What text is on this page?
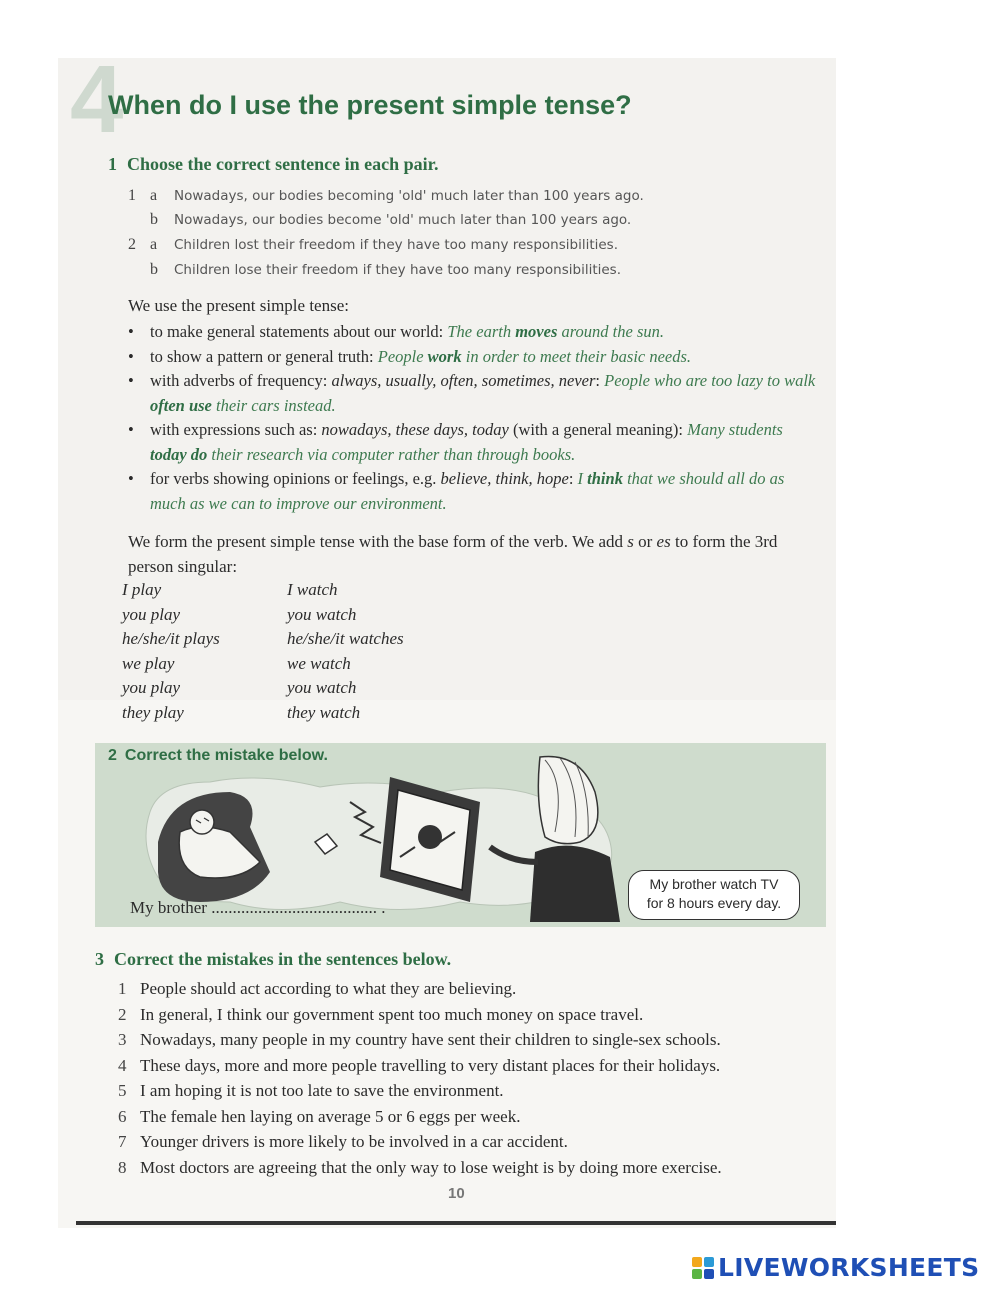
4
When do I use the present simple tense?
1 Choose the correct sentence in each pair.
1 a Nowadays, our bodies becoming 'old' much later than 100 years ago.
b Nowadays, our bodies become 'old' much later than 100 years ago.
2 a Children lost their freedom if they have too many responsibilities.
b Children lose their freedom if they have too many responsibilities.
We use the present simple tense:
• to make general statements about our world: The earth moves around the sun.
• to show a pattern or general truth: People work in order to meet their basic needs.
• with adverbs of frequency: always, usually, often, sometimes, never: People who are too lazy to walk often use their cars instead.
• with expressions such as: nowadays, these days, today (with a general meaning): Many students today do their research via computer rather than through books.
• for verbs showing opinions or feelings, e.g. believe, think, hope: I think that we should all do as much as we can to improve our environment.
We form the present simple tense with the base form of the verb. We add s or es to form the 3rd person singular:
I play	I watch
you play	you watch
he/she/it plays	he/she/it watches
we play	we watch
you play	you watch
they play	they watch
2 Correct the mistake below.
My brother watch TV
for 8 hours every day.
My brother ....................................... .
3 Correct the mistakes in the sentences below.
1 People should act according to what they are believing.
2 In general, I think our government spent too much money on space travel.
3 Nowadays, many people in my country have sent their children to single-sex schools.
4 These days, more and more people travelling to very distant places for their holidays.
5 I am hoping it is not too late to save the environment.
6 The female hen laying on average 5 or 6 eggs per week.
7 Younger drivers is more likely to be involved in a car accident.
8 Most doctors are agreeing that the only way to lose weight is by doing more exercise.
10
LIVEWORKSHEETS
